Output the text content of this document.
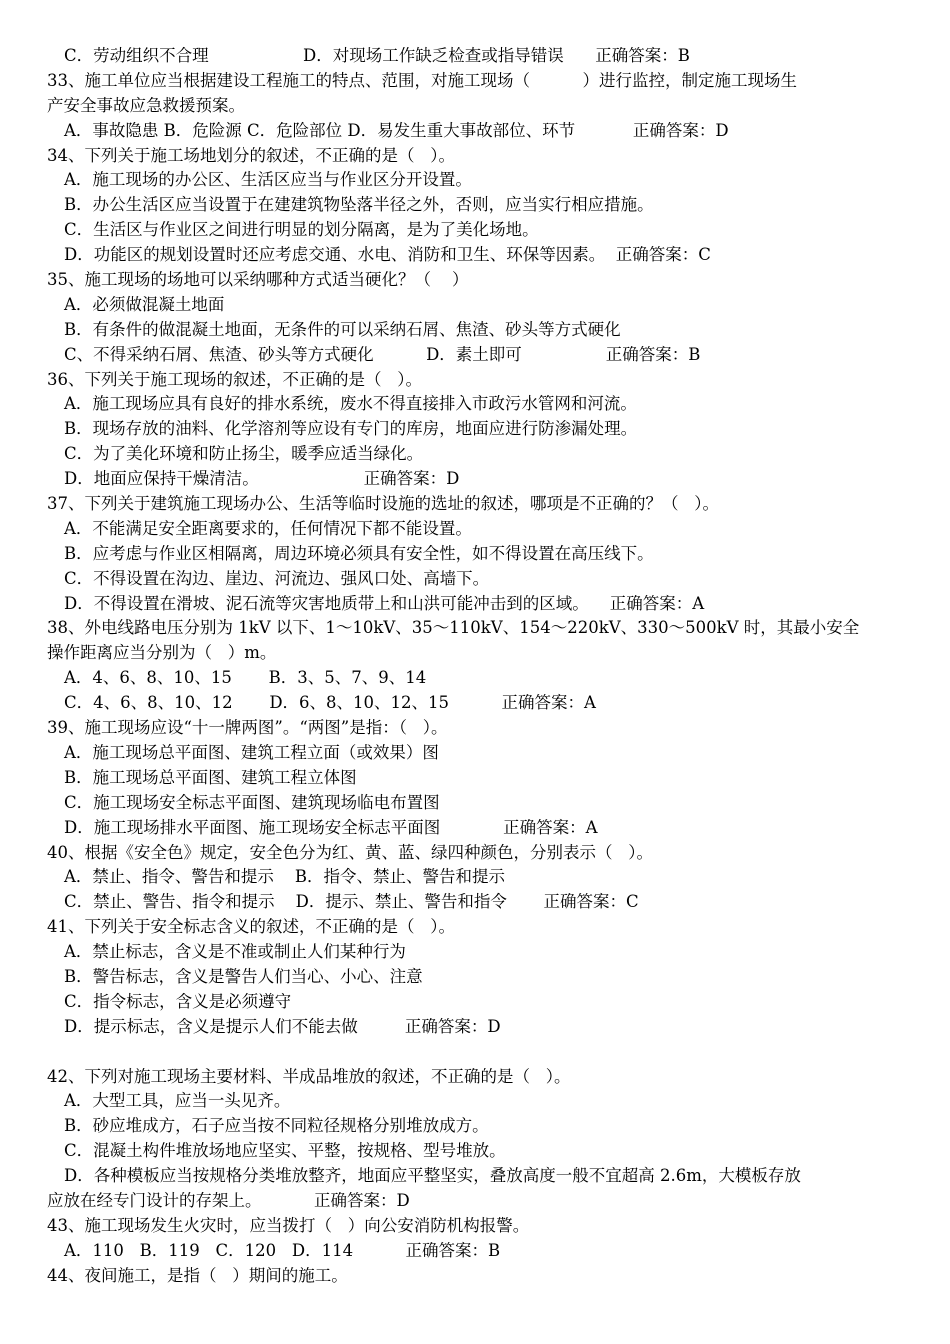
C．劳动组织不合理                  D．对现场工作缺乏检查或指导错误      正确答案：B
33、施工单位应当根据建设工程施工的特点、范围，对施工现场（          ）进行监控，制定施工现场生
产安全事故应急救援预案。
A．事故隐患 B．危险源 C．危险部位 D．易发生重大事故部位、环节           正确答案：D
34、下列关于施工场地划分的叙述，不正确的是（   ）。
A．施工现场的办公区、生活区应当与作业区分开设置。
B．办公生活区应当设置于在建建筑物坠落半径之外，否则，应当实行相应措施。
C．生活区与作业区之间进行明显的划分隔离，是为了美化场地。
D．功能区的规划设置时还应考虑交通、水电、消防和卫生、环保等因素。  正确答案：C
35、施工现场的场地可以采纳哪种方式适当硬化？（    ）
A．必须做混凝土地面
B．有条件的做混凝土地面，无条件的可以采纳石屑、焦渣、砂头等方式硬化
C、不得采纳石屑、焦渣、砂头等方式硬化          D．素土即可                正确答案：B
36、下列关于施工现场的叙述，不正确的是（   ）。
A．施工现场应具有良好的排水系统，废水不得直接排入市政污水管网和河流。
B．现场存放的油料、化学溶剂等应设有专门的库房，地面应进行防渗漏处理。
C．为了美化环境和防止扬尘，暖季应适当绿化。
D．地面应保持干燥清洁。                    正确答案：D
37、下列关于建筑施工现场办公、生活等临时设施的选址的叙述，哪项是不正确的？（   ）。
A．不能满足安全距离要求的，任何情况下都不能设置。
B．应考虑与作业区相隔离，周边环境必须具有安全性，如不得设置在高压线下。
C．不得设置在沟边、崖边、河流边、强风口处、高墙下。
D．不得设置在滑坡、泥石流等灾害地质带上和山洪可能冲击到的区域。    正确答案：A
38、外电线路电压分别为 1kV 以下、1～10kV、35～110kV、154～220kV、330～500kV 时，其最小安全
操作距离应当分别为（   ）m。
A．4、6、8、10、15       B．3、5、7、9、14
C．4、6、8、10、12       D．6、8、10、12、15          正确答案：A
39、施工现场应设“十一牌两图”。“两图”是指：（   ）。
A．施工现场总平面图、建筑工程立面（或效果）图
B．施工现场总平面图、建筑工程立体图
C．施工现场安全标志平面图、建筑现场临电布置图
D．施工现场排水平面图、施工现场安全标志平面图            正确答案：A
40、根据《安全色》规定，安全色分为红、黄、蓝、绿四种颜色，分别表示（   ）。
A．禁止、指令、警告和提示    B．指令、禁止、警告和提示
C．禁止、警告、指令和提示    D．提示、禁止、警告和指令       正确答案：C
41、下列关于安全标志含义的叙述，不正确的是（   ）。
A．禁止标志，含义是不准或制止人们某种行为
B．警告标志，含义是警告人们当心、小心、注意
C．指令标志，含义是必须遵守
D．提示标志，含义是提示人们不能去做         正确答案：D
42、下列对施工现场主要材料、半成品堆放的叙述，不正确的是（   ）。
A．大型工具，应当一头见齐。
B．砂应堆成方，石子应当按不同粒径规格分别堆放成方。
C．混凝土构件堆放场地应坚实、平整，按规格、型号堆放。
D．各种模板应当按规格分类堆放整齐，地面应平整坚实，叠放高度一般不宜超高 2.6m，大模板存放
应放在经专门设计的存架上。          正确答案：D
43、施工现场发生火灾时，应当拨打（   ）向公安消防机构报警。
A．110   B．119   C．120   D．114          正确答案：B
44、夜间施工，是指（   ）期间的施工。
